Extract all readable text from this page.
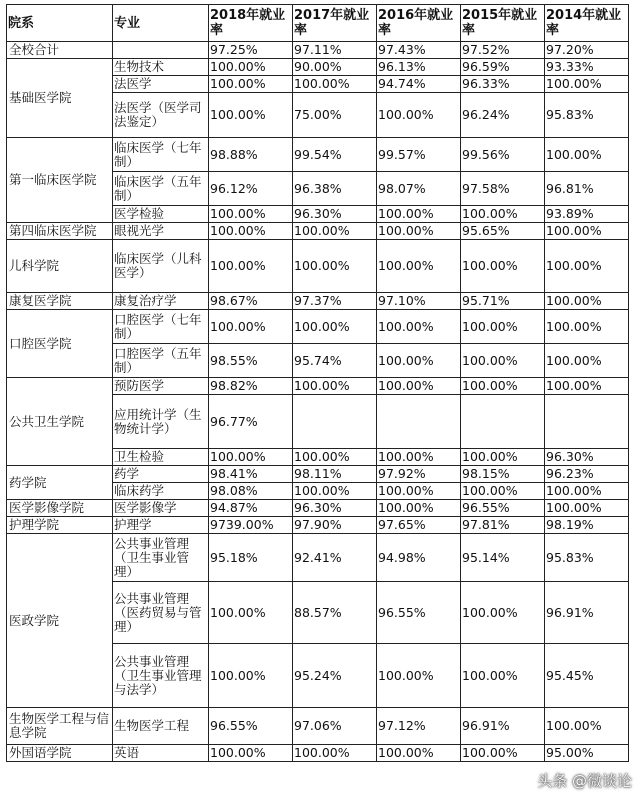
院系	专业	2018年就业率	2017年就业率	2016年就业率	2015年就业率	2014年就业率
全校合计		97.25%	97.11%	97.43%	97.52%	97.20%
基础医学院	生物技术	100.00%	90.00%	96.13%	96.59%	93.33%
	法医学	100.00%	100.00%	94.74%	96.33%	100.00%
	法医学（医学司法鉴定）	100.00%	75.00%	100.00%	96.24%	95.83%
第一临床医学院	临床医学（七年制）	98.88%	99.54%	99.57%	99.56%	100.00%
	临床医学（五年制）	96.12%	96.38%	98.07%	97.58%	96.81%
	医学检验	100.00%	96.30%	100.00%	100.00%	93.89%
第四临床医学院	眼视光学	100.00%	100.00%	100.00%	95.65%	100.00%
儿科学院	临床医学（儿科医学）	100.00%	100.00%	100.00%	100.00%	100.00%
康复医学院	康复治疗学	98.67%	97.37%	97.10%	95.71%	100.00%
口腔医学院	口腔医学（七年制）	100.00%	100.00%	100.00%	100.00%	100.00%
	口腔医学（五年制）	98.55%	95.74%	100.00%	100.00%	100.00%
公共卫生学院	预防医学	98.82%	100.00%	100.00%	100.00%	100.00%
	应用统计学（生物统计学）	96.77%				
	卫生检验	100.00%	100.00%	100.00%	100.00%	96.30%
药学院	药学	98.41%	98.11%	97.92%	98.15%	96.23%
	临床药学	98.08%	100.00%	100.00%	100.00%	100.00%
医学影像学院	医学影像学	94.87%	96.30%	100.00%	96.55%	100.00%
护理学院	护理学	9739.00%	97.90%	97.65%	97.81%	98.19%
医政学院	公共事业管理（卫生事业管理）	95.18%	92.41%	94.98%	95.14%	95.83%
	公共事业管理（医药贸易与管理）	100.00%	88.57%	96.55%	100.00%	96.91%
	公共事业管理（卫生事业管理与法学）	100.00%	95.24%	100.00%	100.00%	95.45%
生物医学工程与信息学院	生物医学工程	96.55%	97.06%	97.12%	96.91%	100.00%
外国语学院	英语	100.00%	100.00%	100.00%	100.00%	95.00%
头条 @微谈论
